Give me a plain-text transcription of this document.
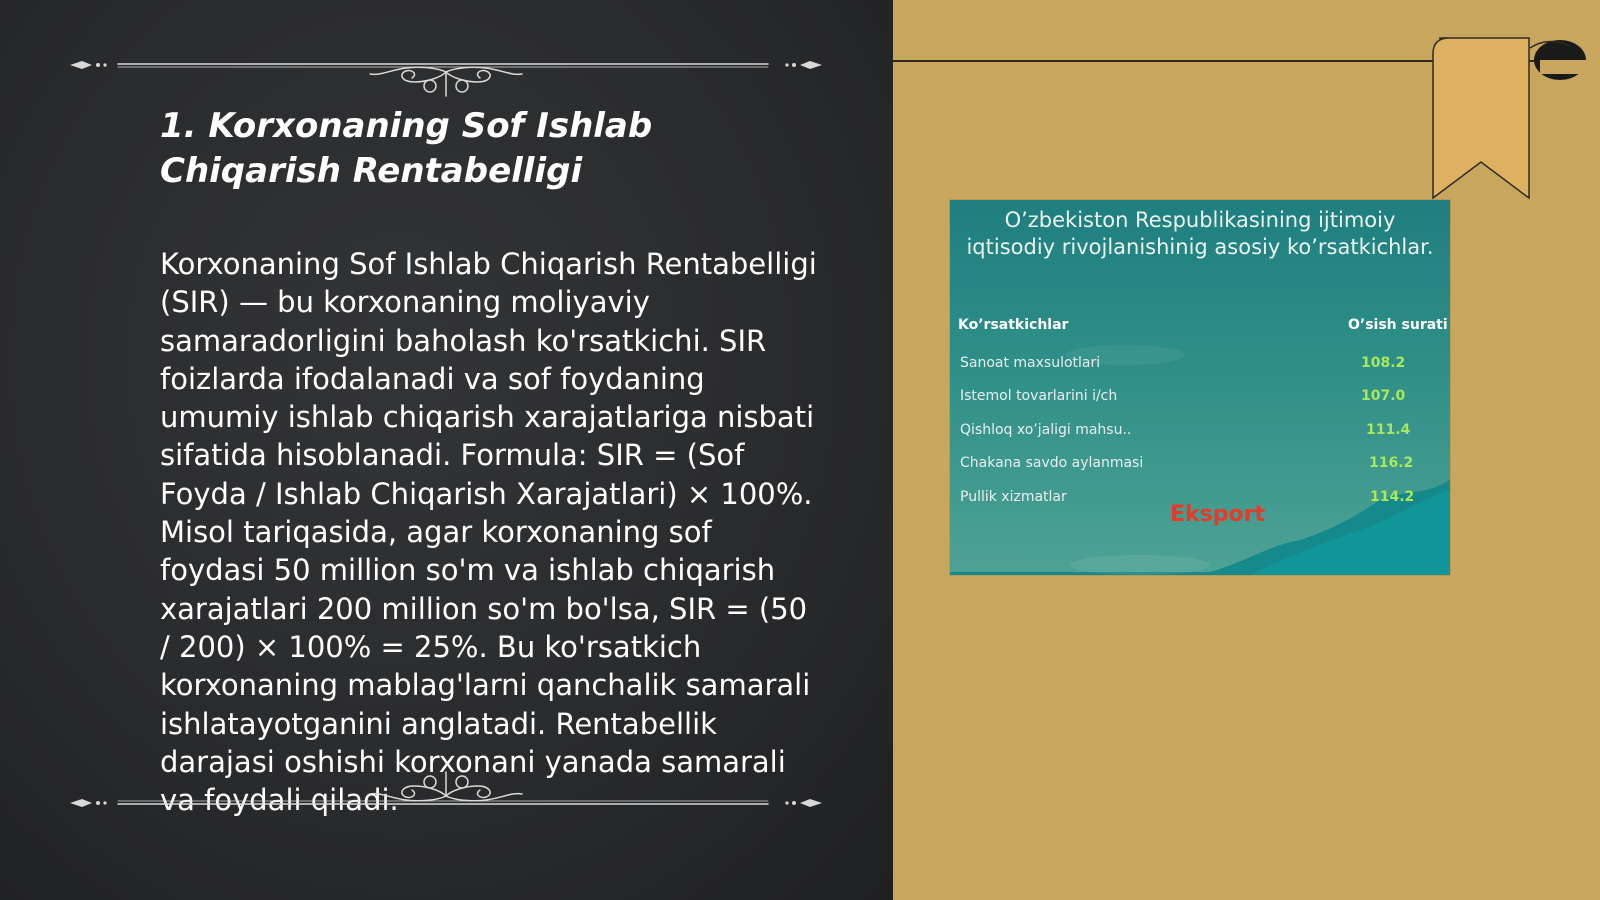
1. Korxonaning Sof Ishlab Chiqarish Rentabelligi

Korxonaning Sof Ishlab Chiqarish Rentabelligi (SIR) — bu korxonaning moliyaviy samaradorligini baholash ko'rsatkichi. SIR foizlarda ifodalanadi va sof foydaning umumiy ishlab chiqarish xarajatlariga nisbati sifatida hisoblanadi. Formula: SIR = (Sof Foyda / Ishlab Chiqarish Xarajatlari) × 100%. Misol tariqasida, agar korxonaning sof foydasi 50 million so'm va ishlab chiqarish xarajatlari 200 million so'm bo'lsa, SIR = (50 / 200) × 100% = 25%. Bu ko'rsatkich korxonaning mablag'larni qanchalik samarali ishlatayotganini anglatadi. Rentabellik darajasi oshishi korxonani yanada samarali va foydali qiladi.

O’zbekiston Respublikasining ijtimoiy iqtisodiy rivojlanishinig asosiy ko’rsatkichlar.

Ko’rsatkichlar	O’sish surati
Sanoat maxsulotlari	108.2
Istemol tovarlarini i/ch	107.0
Qishloq xo’jaligi mahsu..	111.4
Chakana savdo aylanmasi	116.2
Pullik xizmatlar	114.2
Eksport
